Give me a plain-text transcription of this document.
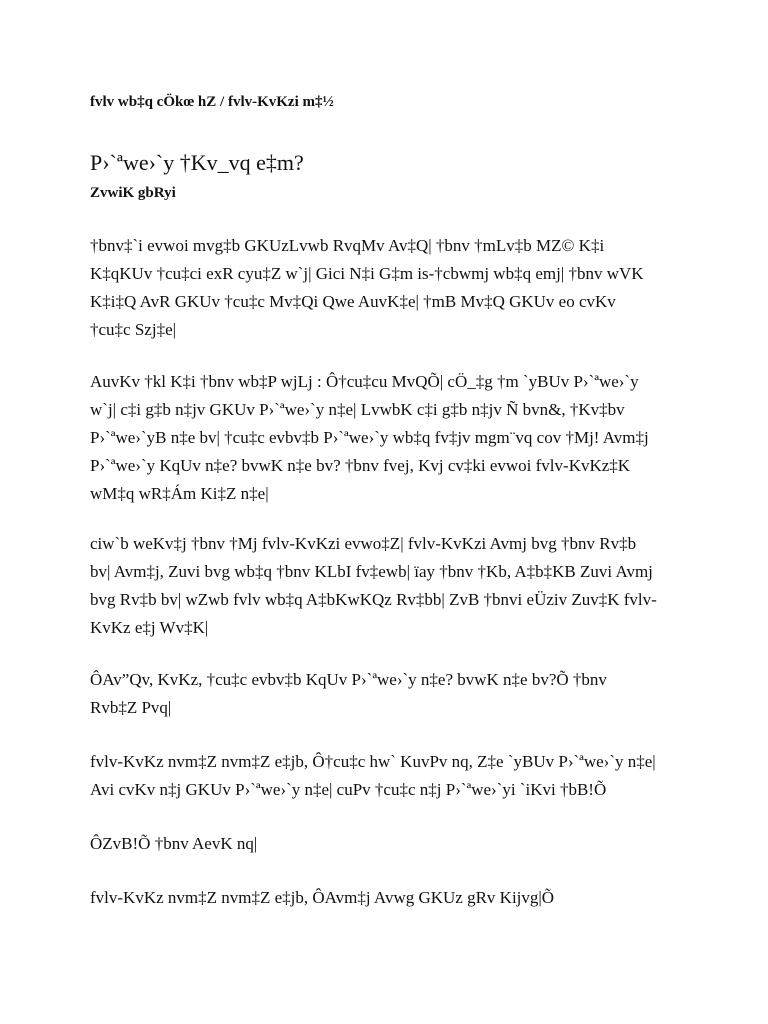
fvlv wb‡q cÖkœ hZ / fvlv-KvKzi m‡½
P›`ªwe›`y †Kv_vq e‡m?
ZvwiK gbRyi
†bnv‡`i evwoi mvg‡b GKUzLvwb RvqMv Av‡Q| †bnv †mLv‡b MZ© K‡i
K‡qKUv †cu‡ci exR cyu‡Z w`j| Gici N‡i G‡m is-†cbwmj wb‡q emj| †bnv wVK
K‡i‡Q AvR GKUv †cu‡c Mv‡Qi Qwe AuvK‡e| †mB Mv‡Q GKUv eo cvKv
†cu‡c Szj‡e|
AuvKv †kl K‡i †bnv wb‡P wjLj : Ô†cu‡cu MvQÕ| cÖ_‡g †m `yBUv P›`ªwe›`y
w`j| c‡i g‡b n‡jv GKUv P›`ªwe›`y n‡e| LvwbK c‡i g‡b n‡jv Ñ bvn&, †Kv‡bv
P›`ªwe›`yB n‡e bv| †cu‡c evbv‡b P›`ªwe›`y wb‡q fv‡jv mgm¨vq cov †Mj! Avm‡j
P›`ªwe›`y KqUv n‡e? bvwK n‡e bv? †bnv fvej, Kvj cv‡ki evwoi fvlv-KvKz‡K
wM‡q wR‡Ám Ki‡Z n‡e|
ciw`b weKv‡j †bnv †Mj fvlv-KvKzi evwo‡Z| fvlv-KvKzi Avmj bvg †bnv Rv‡b
bv| Avm‡j, Zuvi bvg wb‡q †bnv KLbI fv‡ewb| ïay †bnv †Kb, A‡b‡KB Zuvi Avmj
bvg Rv‡b bv| wZwb fvlv wb‡q A‡bKwKQz Rv‡bb| ZvB †bnvi eÜziv Zuv‡K fvlv-
KvKz e‡j Wv‡K|
ÔAv”Qv, KvKz, †cu‡c evbv‡b KqUv P›`ªwe›`y n‡e? bvwK n‡e bv?Õ †bnv
Rvb‡Z Pvq|
fvlv-KvKz nvm‡Z nvm‡Z e‡jb, Ô†cu‡c hw` KuvPv nq, Z‡e `yBUv P›`ªwe›`y n‡e|
Avi cvKv n‡j GKUv P›`ªwe›`y n‡e| cuPv †cu‡c n‡j P›`ªwe›`yi `iKvi †bB!Õ
ÔZvB!Õ †bnv AevK nq|
fvlv-KvKz nvm‡Z nvm‡Z e‡jb, ÔAvm‡j Avwg GKUz gRv Kijvg|Õ
